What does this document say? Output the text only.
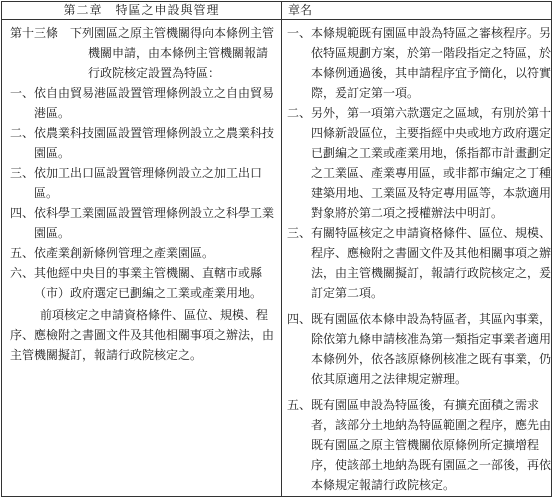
第二章　特區之申設與管理	章名

第十三條　 下列園區之原主管機關得向本條例主管機關申請，由本條例主管機關報請行政院核定設置為特區：

一、依自由貿易港區設置管理條例設立之自由貿易港區。

二、依農業科技園區設置管理條例設立之農業科技園區。

三、依加工出口區設置管理條例設立之加工出口區。

四、依科學工業園區設置管理條例設立之科學工業園區。

五、依產業創新條例管理之產業園區。

六、其他經中央目的事業主管機關、直轄市或縣（市）政府選定已劃編之工業或產業用地。

前項核定之申請資格條件、區位、規模、程序、應檢附之書圖文件及其他相關事項之辦法，由主管機關擬訂，報請行政院核定之。

一、本條規範既有園區申設為特區之審核程序。另依特區規劃方案，於第一階段指定之特區，於本條例通過後，其申請程序宜予簡化，以符實際，爰訂定第一項。

二、另外，第一項第六款選定之區域，有別於第十四條新設區位，主要指經中央或地方政府選定已劃編之工業或產業用地，係指都市計畫劃定之工業區、產業專用區，或非都市編定之丁種建築用地、工業區及特定專用區等，本款適用對象將於第二項之授權辦法中明訂。

三、有關特區核定之申請資格條件、區位、規模、程序、應檢附之書圖文件及其他相關事項之辦法，由主管機關擬訂，報請行政院核定之，爰訂定第二項。

四、既有園區依本條申設為特區者，其區內事業，除依第九條申請核准為第一類指定事業者適用本條例外，依各該原條例核准之既有事業，仍依其原適用之法律規定辦理。

五、既有園區申設為特區後，有擴充面積之需求者，該部分土地納為特區範圍之程序，應先由既有園區之原主管機關依原條例所定擴增程序，使該部土地納為既有園區之一部後，再依本條規定報請行政院核定。
